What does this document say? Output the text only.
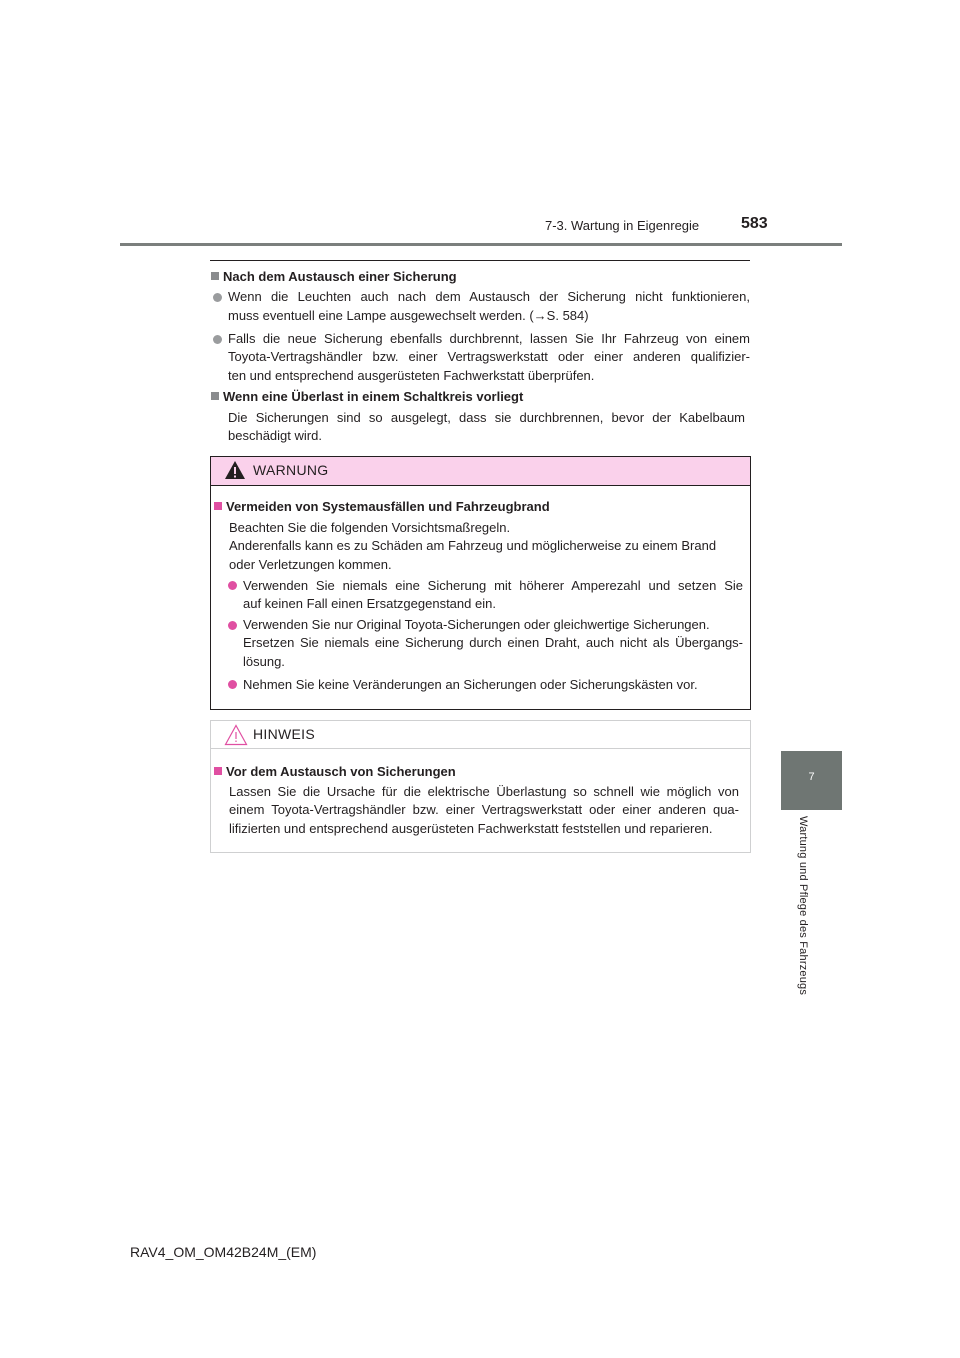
7-3. Wartung in Eigenregie	583
7
Wartung und Pflege des Fahrzeugs
Nach dem Austausch einer Sicherung
Wenn die Leuchten auch nach dem Austausch der Sicherung nicht funktionieren,
muss eventuell eine Lampe ausgewechselt werden. (→S. 584)
Falls die neue Sicherung ebenfalls durchbrennt, lassen Sie Ihr Fahrzeug von einem
Toyota-Vertragshändler bzw. einer Vertragswerkstatt oder einer anderen qualifizier-
ten und entsprechend ausgerüsteten Fachwerkstatt überprüfen.
Wenn eine Überlast in einem Schaltkreis vorliegt
Die Sicherungen sind so ausgelegt, dass sie durchbrennen, bevor der Kabelbaum
beschädigt wird.
WARNUNG
Vermeiden von Systemausfällen und Fahrzeugbrand
Beachten Sie die folgenden Vorsichtsmaßregeln.
Anderenfalls kann es zu Schäden am Fahrzeug und möglicherweise zu einem Brand
oder Verletzungen kommen.
Verwenden Sie niemals eine Sicherung mit höherer Amperezahl und setzen Sie
auf keinen Fall einen Ersatzgegenstand ein.
Verwenden Sie nur Original Toyota-Sicherungen oder gleichwertige Sicherungen.
Ersetzen Sie niemals eine Sicherung durch einen Draht, auch nicht als Übergangs-
lösung.
Nehmen Sie keine Veränderungen an Sicherungen oder Sicherungskästen vor.
HINWEIS
Vor dem Austausch von Sicherungen
Lassen Sie die Ursache für die elektrische Überlastung so schnell wie möglich von
einem Toyota-Vertragshändler bzw. einer Vertragswerkstatt oder einer anderen qua-
lifizierten und entsprechend ausgerüsteten Fachwerkstatt feststellen und reparieren.
RAV4_OM_OM42B24M_(EM)
